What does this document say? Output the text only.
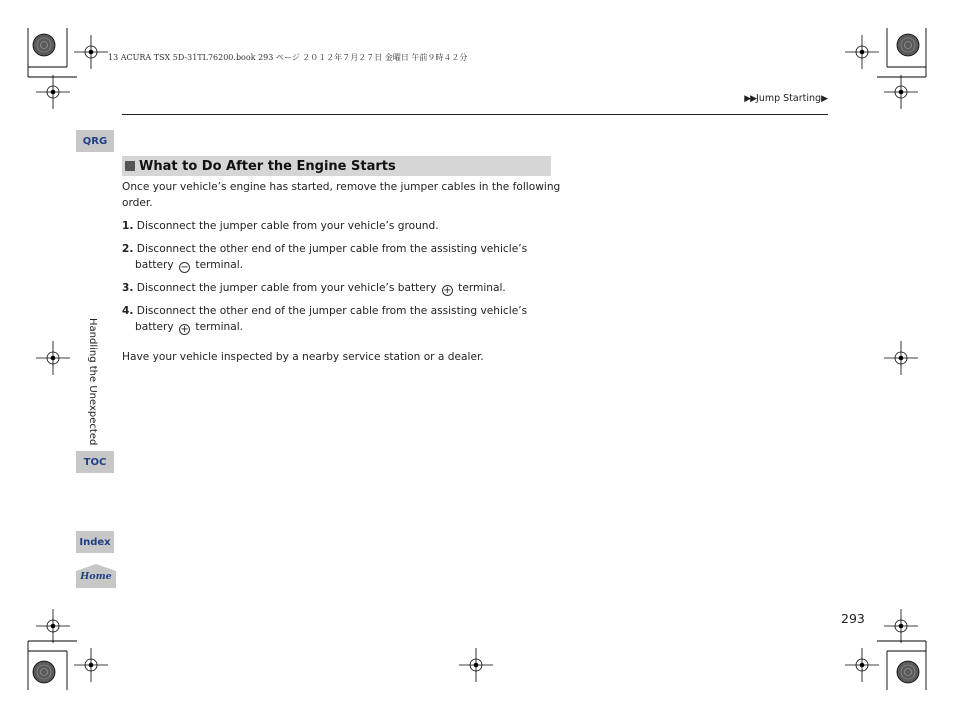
13 ACURA TSX 5D-31TL76200.book 293 ページ ２０１２年７月２７日 金曜日 午前９時４２分
▶▶Jump Starting▶
QRG
Handling the Unexpected
TOC
Index
Home
What to Do After the Engine Starts
Once your vehicle’s engine has started, remove the jumper cables in the following order.
1. Disconnect the jumper cable from your vehicle’s ground.
2. Disconnect the other end of the jumper cable from the assisting vehicle’s battery − terminal.
3. Disconnect the jumper cable from your vehicle’s battery + terminal.
4. Disconnect the other end of the jumper cable from the assisting vehicle’s battery + terminal.
Have your vehicle inspected by a nearby service station or a dealer.
293
